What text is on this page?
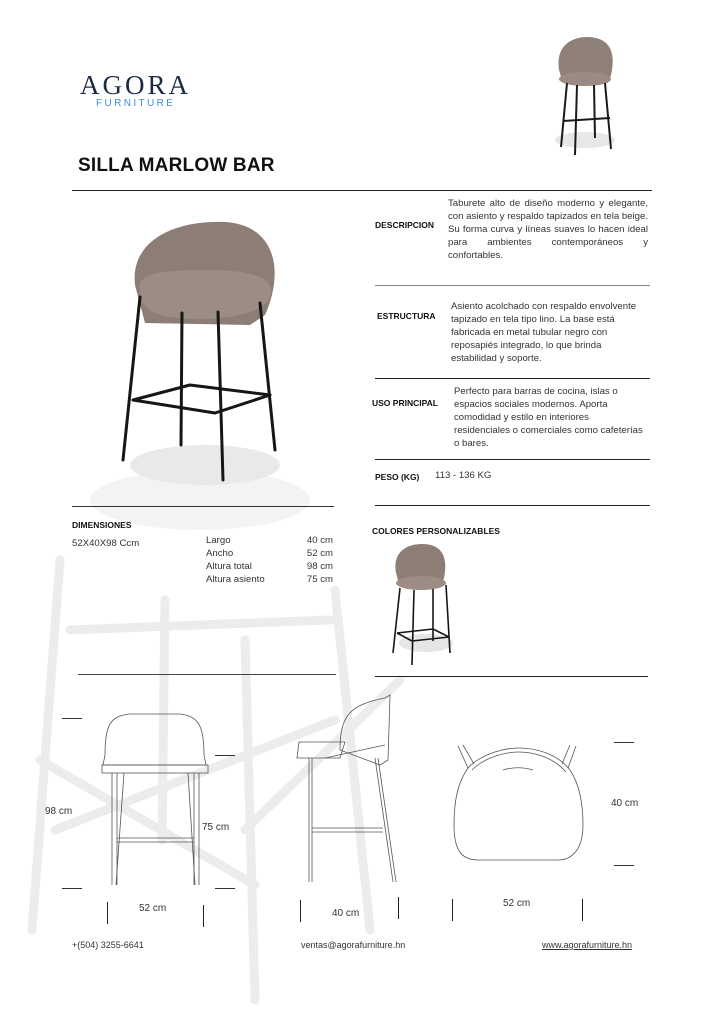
AGORA
FURNITURE
SILLA MARLOW BAR
DESCRIPCION
Taburete alto de diseño moderno y elegante, con asiento y respaldo tapizados en tela beige. Su forma curva y líneas suaves lo hacen ideal para ambientes contemporáneos y confortables.
ESTRUCTURA
Asiento acolchado con respaldo envolvente tapizado en tela tipo lino. La base está fabricada en metal tubular negro con reposapiés integrado, lo que brinda estabilidad y soporte.
USO PRINCIPAL
Perfecto para barras de cocina, islas o espacios sociales modernos. Aporta comodidad y estilo en interiores residenciales o comerciales como cafeterías o bares.
PESO (KG) 113 - 136 KG
COLORES PERSONALIZABLES
DIMENSIONES
52X40X98 Ccm	Largo	40 cm
Ancho	52 cm
Altura total	98 cm
Altura asiento	75 cm
98 cm
75 cm
52 cm	40 cm
40 cm
52 cm
+(504) 3255-6641	ventas@agorafurniture.hn	www.agorafurniture.hn
